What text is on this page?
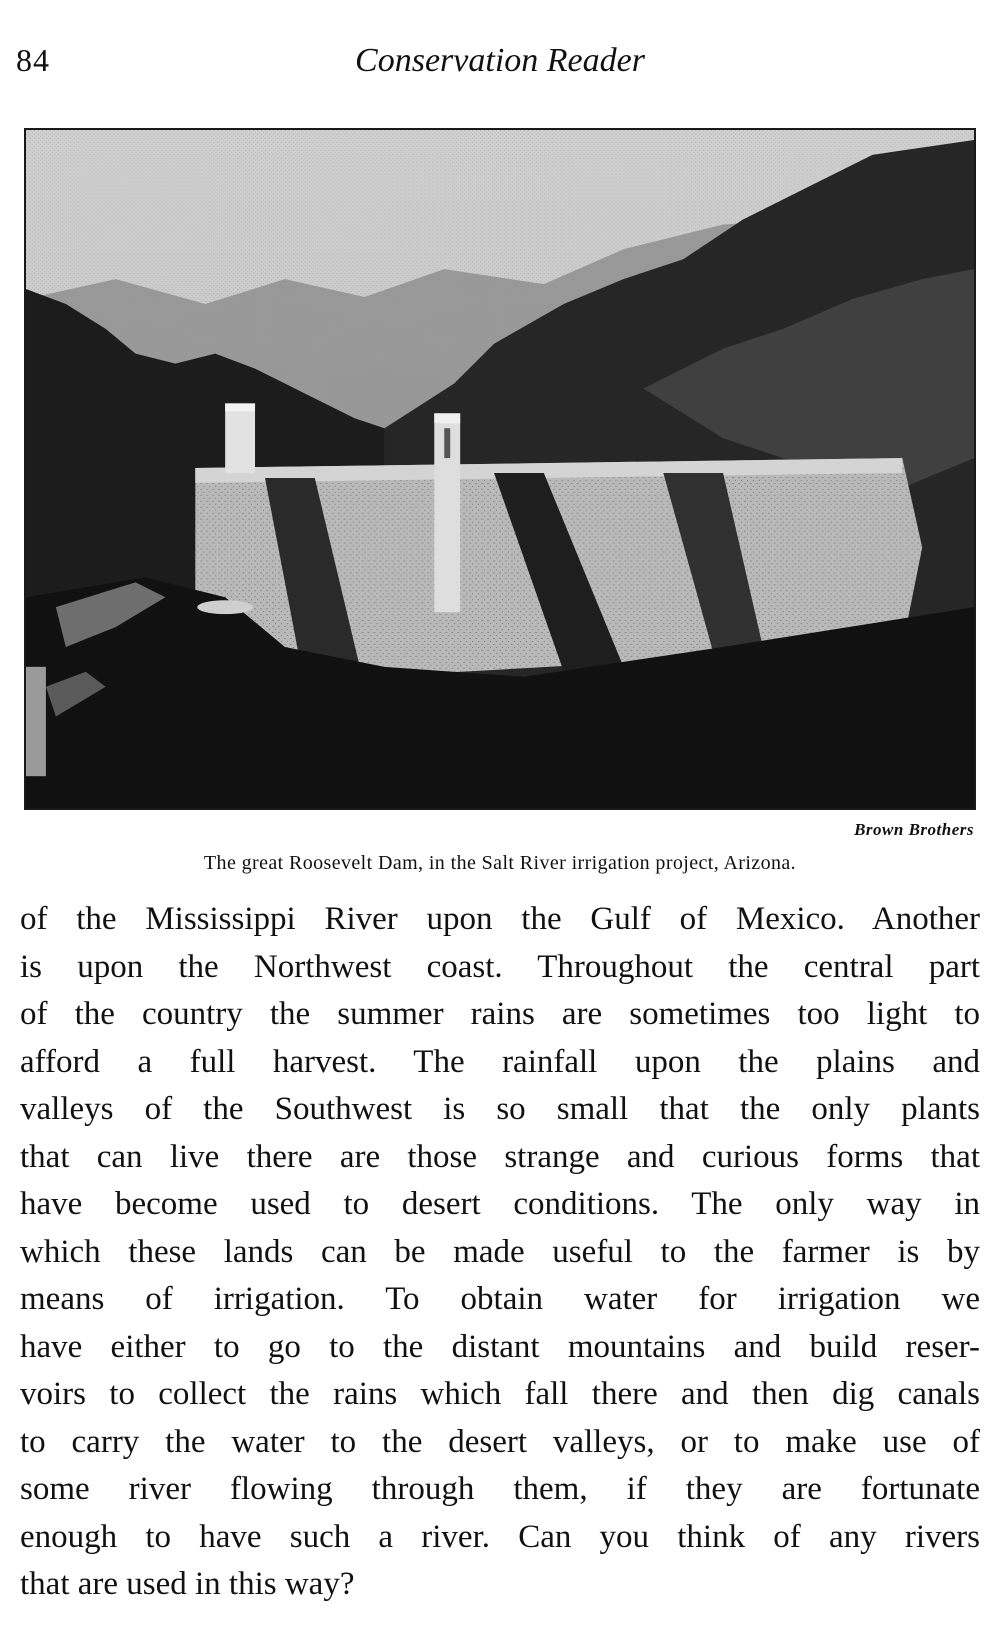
84	Conservation Reader
Brown Brothers
The great Roosevelt Dam, in the Salt River irrigation project, Arizona.
of the Mississippi River upon the Gulf of Mexico. Another
is upon the Northwest coast. Throughout the central part
of the country the summer rains are sometimes too light to
afford a full harvest. The rainfall upon the plains and
valleys of the Southwest is so small that the only plants
that can live there are those strange and curious forms that
have become used to desert conditions. The only way in
which these lands can be made useful to the farmer is by
means of irrigation. To obtain water for irrigation we
have either to go to the distant mountains and build reser-
voirs to collect the rains which fall there and then dig canals
to carry the water to the desert valleys, or to make use of
some river flowing through them, if they are fortunate
enough to have such a river. Can you think of any rivers
that are used in this way?
